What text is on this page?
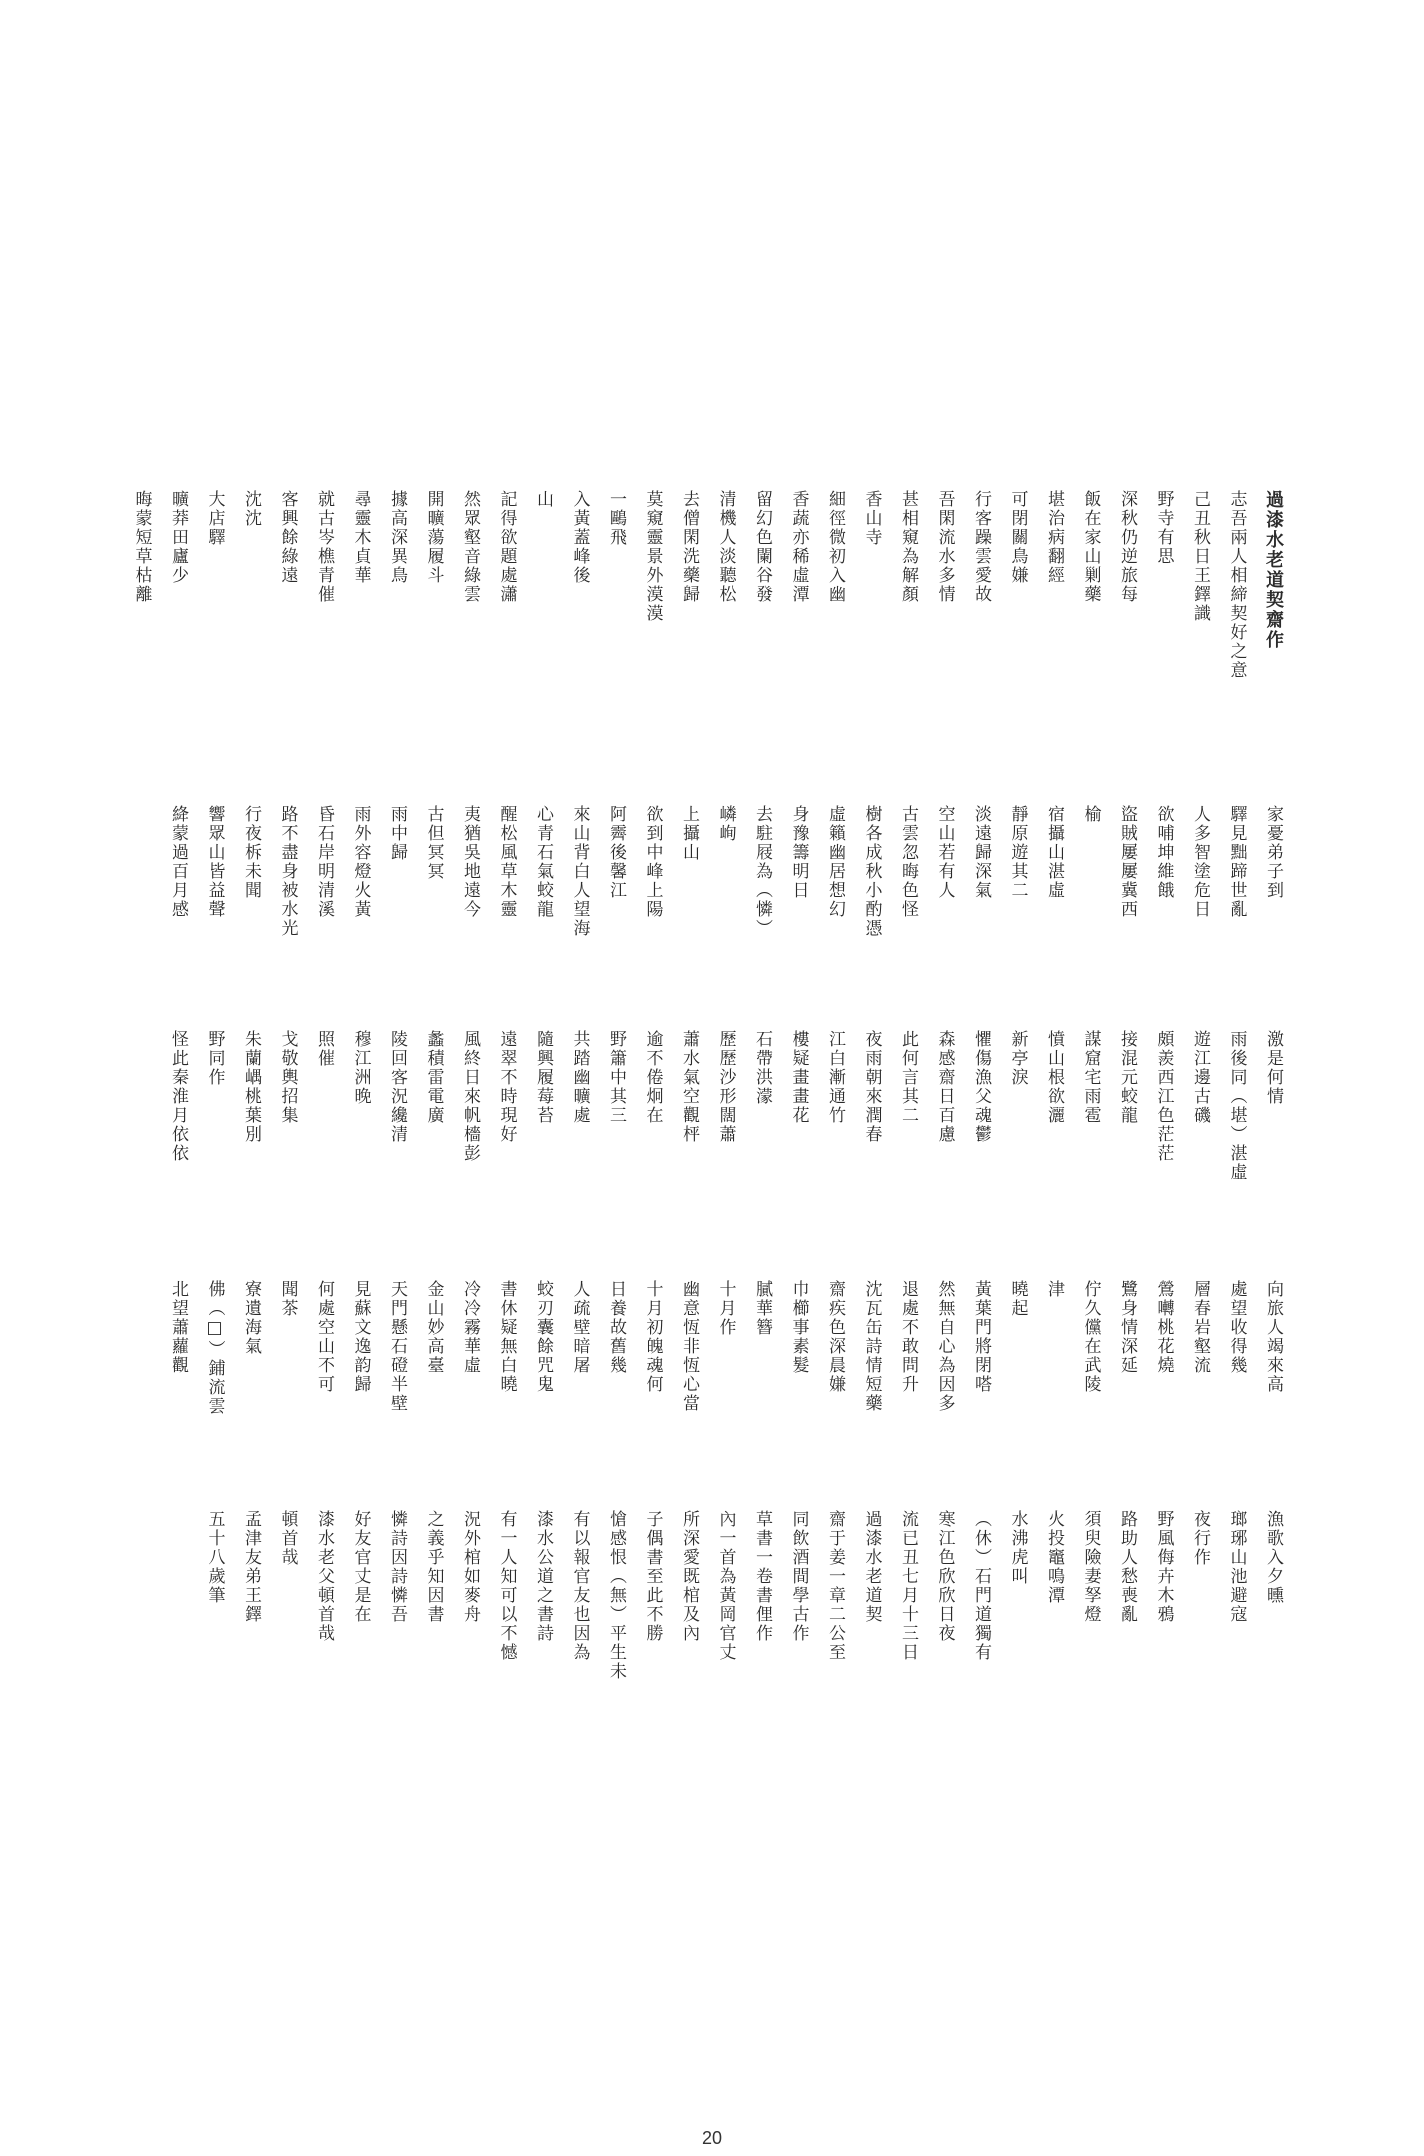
漁歌入夕曛
瑯琊山池避寇
夜行作
野風侮卉木鴉
路助人愁喪亂
須臾險妻孥燈
火投竈鳴潭
水沸虎叫
（休）石門道獨有
寒江色欣欣日夜
流已丑七月十三日
過漆水老道契
齋于姜一章二公至
同飲酒間學古作
草書一卷書俚作
內一首為黃岡官丈
所深愛既棺及內
子偶書至此不勝
愴感恨（無）平生未
有以報官友也因為
漆水公道之書詩
有一人知可以不憾
況外棺如麥舟
之義乎知因書
憐詩因詩憐吾
好友官丈是在
漆水老父頓首哉
頓首哉
孟津友弟王鐸
五十八歲筆
向旅人竭來高
處望收得幾
層春岩壑流
鶯囀桃花燒
鷺身情深延
佇久儻在武陵
津
曉起
黃葉門將閉嗒
然無自心為因多
退處不敢問升
沈瓦缶詩情短藥
齋疾色深晨嫌
巾櫛事素髮
膩華簪
十月作
幽意恆非恆心當
十月初魄魂何
日養故舊幾
人疏壁暗屠
蛟刃囊餘咒鬼
書休疑無白曉
冷冷霧華虛
金山妙高臺
天門懸石磴半壁
見蘇文逸韵歸
何處空山不可
聞茶
寮遺海氣
佛（□）鋪流雲
北望蕭蘿觀
激是何情
雨後同（堪）湛虛
遊江邊古磯
頗羨西江色茫茫
接混元蛟龍
謀窟宅雨雹
憤山根欲灑
新亭淚
懼傷漁父魂鬱
森感齋日百慮
此何言其二
夜雨朝來潤春
江白漸通竹
樓疑畫畫花
石帶洪濛
歷歷沙形闊蕭
蕭水氣空觀枰
逾不倦炯在
野簫中其三
共踏幽曠處
隨興履莓苔
遠翠不時現好
風終日來帆檣彭
蠡積雷電廣
陵回客況纔清
穆江洲晚
照催
戈敬輿招集
朱蘭嵎桃葉別
野同作
怪此秦淮月依依
家憂弟子到
驛見黜蹄世亂
人多智塗危日
欲哺坤維餓
盜賊屢屢冀西
榆
宿攝山湛虛
靜原遊其二
淡遠歸深氣
空山若有人
古雲忽晦色怪
樹各成秋小酌憑
虛籟幽居想幻
身豫籌明日
去駐屐為（憐）
嶙峋
上攝山
欲到中峰上陽
阿霽後馨江
來山背白人望海
心青石氣蛟龍
醒松風草木靈
夷猶吳地遠今
古但冥冥
雨中歸
雨外容燈火黃
昏石岸明清溪
路不盡身被水光
行夜柝未聞
響眾山皆益聲
絳蒙過百月感
過漆水老道契齋作
志吾兩人相締契好之意
己丑秋日王鐸識
野寺有思
深秋仍逆旅每
飯在家山剿藥
堪治病翻經
可閉關鳥嫌
行客躁雲愛故
吾閑流水多情
甚相窺為解顏
香山寺
細徑微初入幽
香蔬亦稀虛潭
留幻色闌谷發
清機人淡聽松
去僧閑洗藥歸
莫窺靈景外漠漠
一鷗飛
入黃蓋峰後
山
記得欲題處瀟
然眾壑音綠雲
開曠蕩履斗
據高深異鳥
尋靈木貞華
就古岑樵青催
客興餘綠遠
沈沈
大店驛
曠莽田廬少
晦蒙短草枯離
20
